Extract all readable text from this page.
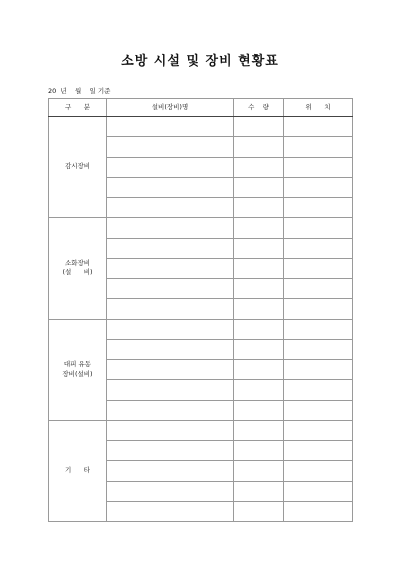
소방 시설 및 장비 현황표
20  년    월    일 기준
구      분	설비(장비)명	수    량	위      치
감시장비			

소화장비
(설      비)			

대피 유동
장비(설비)			

기      타			
